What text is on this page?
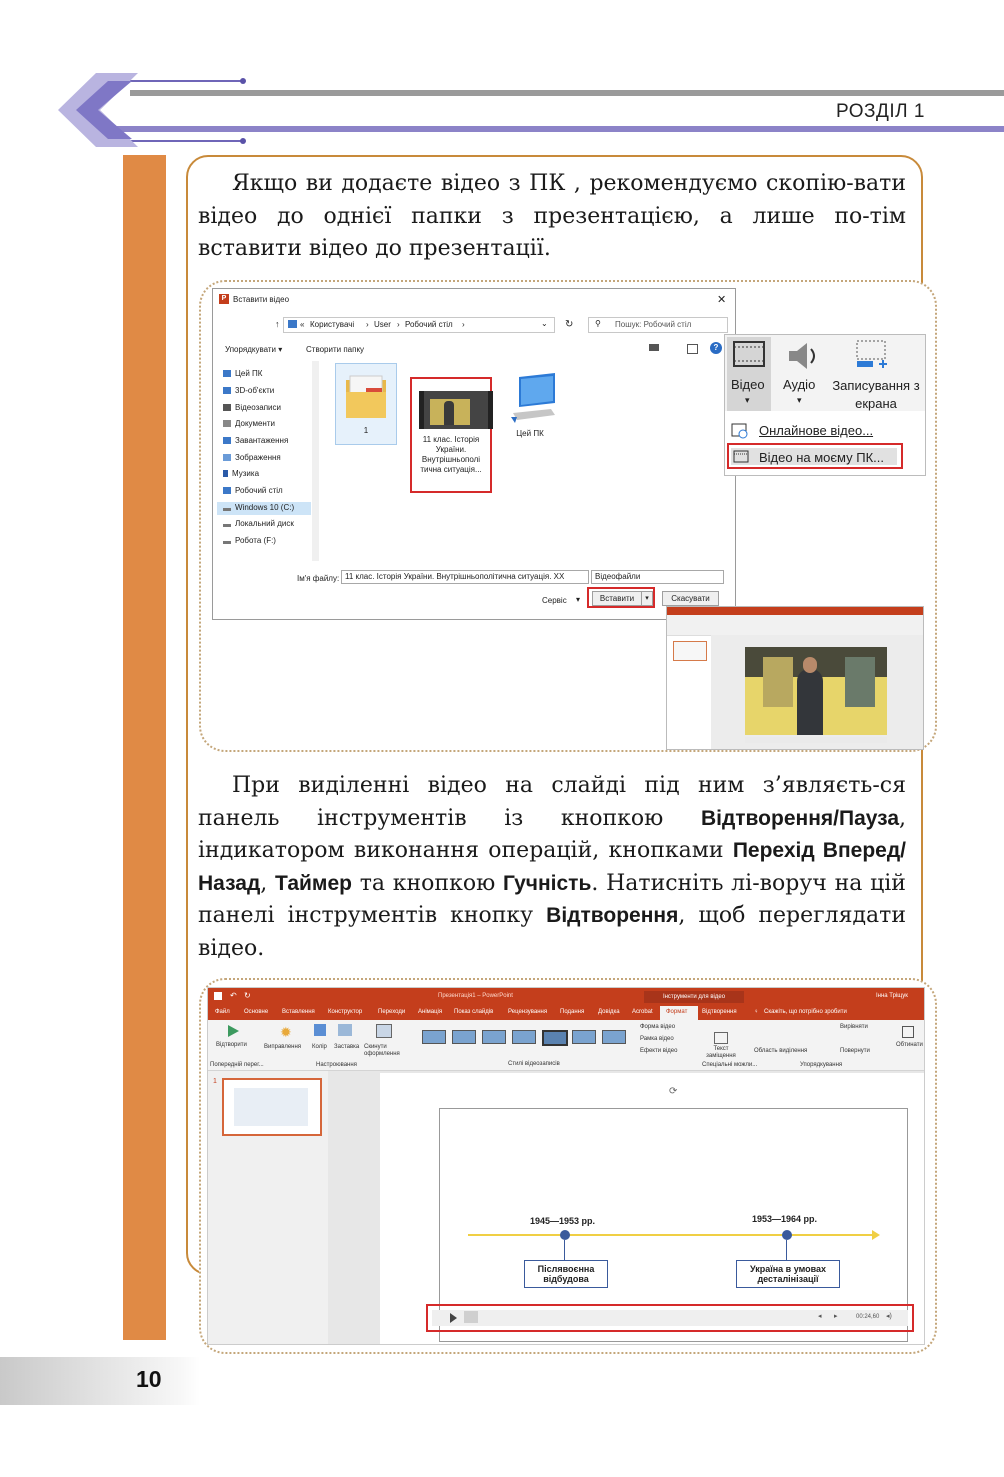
РОЗДІЛ 1
Якщо ви додаєте відео з ПК , рекомендуємо скопію-вати відео до однієї папки з презентацією, а лише по-тім вставити відео до презентації.
P Вставити відео	✕
↑	« Користувачі › User › Робочий стіл ›	⌄ ↻	⚲ Пошук: Робочий стіл
Упорядкувати ▾	Створити папку	?
Цей ПК
3D-об'єкти
Відеозаписи
Документи
Завантаження
Зображення
Музика
Робочий стіл
Windows 10 (C:)
Локальний диск
Робота (F:)
1
11 клас. Історія України. Внутрішньополі тична ситуація...
Цей ПК
Ім'я файлу: 11 клас. Історія України. Внутрішньополітична ситуація. XX	Відеофайли
Сервіс ▾	Вставити	▾	Скасувати
Відео
▾
Аудіо
▾
Записування з екрана
Онлайнове відео...
Відео на моєму ПК...
При виділенні відео на слайді під ним з’являєть-ся панель інструментів із кнопкою Відтворення/Пауза, індикатором виконання операцій, кнопками Перехід Вперед/Назад, Таймер та кнопкою Гучність. Натисніть лі-воруч на цій панелі інструментів кнопку Відтворення, щоб переглядати відео.
↶ ↻	Презентація1 – PowerPoint	Інструменти для відео	Інна Тріщук
Файл Основне Вставлення Конструктор	Переходи Анімація Показ слайдів Рецензування Подання Довідка Acrobat Формат Відтворення	♀ Скажіть, що потрібно зробити
Відтворити
✹
Виправлення Колір Заставка Скинути оформлення
Стилі відеозаписів
Форма відео
Рамка відео
Ефекти відео	Текст заміщення
Область виділення
Вирівняти
Повернути
Обтинати
Попередній перег...	Настроювання	Спеціальні можли...	Упорядкування
1
⟳
1945—1953 рр.	1953—1964 рр.
Післявоєнна відбудова
Україна в умовах десталінізації
◂ ▸	00:24,60 ◂)
10
